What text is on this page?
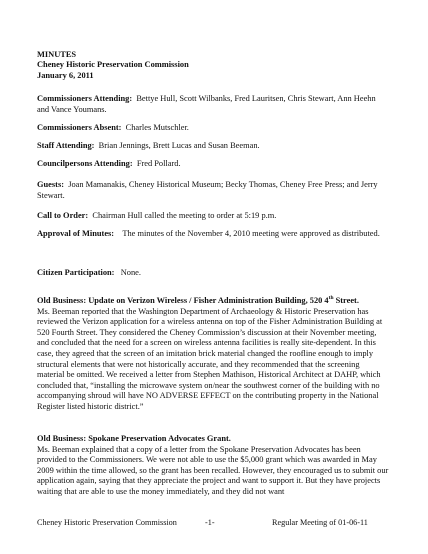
MINUTES
Cheney Historic Preservation Commission
January 6, 2011
Commissioners Attending: Bettye Hull, Scott Wilbanks, Fred Lauritsen, Chris Stewart, Ann Heehn and Vance Youmans.
Commissioners Absent: Charles Mutschler.
Staff Attending: Brian Jennings, Brett Lucas and Susan Beeman.
Councilpersons Attending: Fred Pollard.
Guests: Joan Mamanakis, Cheney Historical Museum; Becky Thomas, Cheney Free Press; and Jerry Stewart.
Call to Order: Chairman Hull called the meeting to order at 5:19 p.m.
Approval of Minutes: The minutes of the November 4, 2010 meeting were approved as distributed.
Citizen Participation: None.
Old Business: Update on Verizon Wireless / Fisher Administration Building, 520 4th Street.
Ms. Beeman reported that the Washington Department of Archaeology & Historic Preservation has reviewed the Verizon application for a wireless antenna on top of the Fisher Administration Building at 520 Fourth Street. They considered the Cheney Commission’s discussion at their November meeting, and concluded that the need for a screen on wireless antenna facilities is really site-dependent. In this case, they agreed that the screen of an imitation brick material changed the roofline enough to imply structural elements that were not historically accurate, and they recommended that the screening material be omitted. We received a letter from Stephen Mathison, Historical Architect at DAHP, which concluded that, “installing the microwave system on/near the southwest corner of the building with no accompanying shroud will have NO ADVERSE EFFECT on the contributing property in the National Register listed historic district.”
Old Business: Spokane Preservation Advocates Grant.
Ms. Beeman explained that a copy of a letter from the Spokane Preservation Advocates has been provided to the Commissioners. We were not able to use the $5,000 grant which was awarded in May 2009 within the time allowed, so the grant has been recalled. However, they encouraged us to submit our application again, saying that they appreciate the project and want to support it. But they have projects waiting that are able to use the money immediately, and they did not want
Cheney Historic Preservation Commission	-1-	Regular Meeting of 01-06-11
